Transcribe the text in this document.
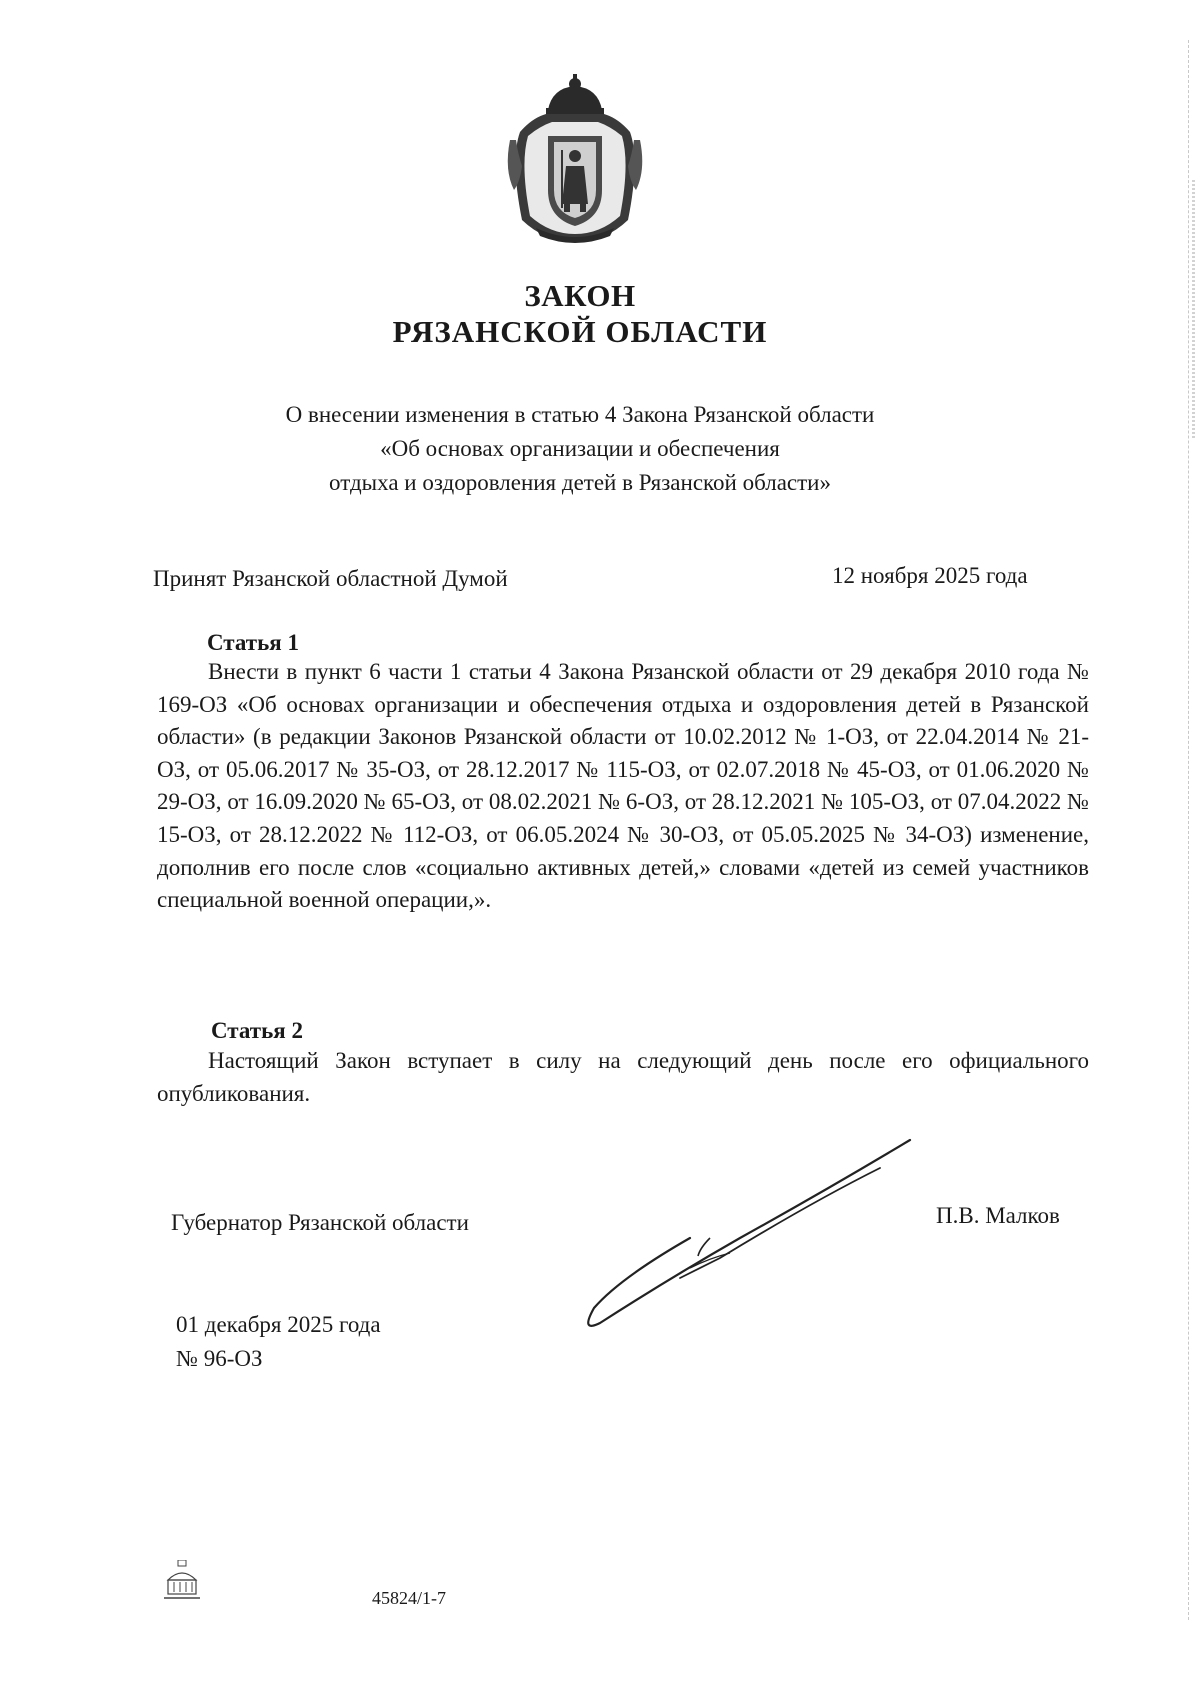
ЗАКОН
РЯЗАНСКОЙ ОБЛАСТИ
О внесении изменения в статью 4 Закона Рязанской области
«Об основах организации и обеспечения
отдыха и оздоровления детей в Рязанской области»
Принят Рязанской областной Думой	12 ноября 2025 года
Статья 1
Внести в пункт 6 части 1 статьи 4 Закона Рязанской области от 29 декабря 2010 года № 169-ОЗ «Об основах организации и обеспечения отдыха и оздоровления детей в Рязанской области» (в редакции Законов Рязанской области от 10.02.2012 № 1-ОЗ, от 22.04.2014 № 21-ОЗ, от 05.06.2017 № 35-ОЗ, от 28.12.2017 № 115-ОЗ, от 02.07.2018 № 45-ОЗ, от 01.06.2020 № 29-ОЗ, от 16.09.2020 № 65-ОЗ, от 08.02.2021 № 6-ОЗ, от 28.12.2021 № 105-ОЗ, от 07.04.2022 № 15-ОЗ, от 28.12.2022 № 112-ОЗ, от 06.05.2024 № 30-ОЗ, от 05.05.2025 № 34-ОЗ) изменение, дополнив его после слов «социально активных детей,» словами «детей из семей участников специальной военной операции,».
Статья 2
Настоящий Закон вступает в силу на следующий день после его официального опубликования.
Губернатор Рязанской области	П.В. Малков
01 декабря 2025 года
№ 96-ОЗ
45824/1-7
